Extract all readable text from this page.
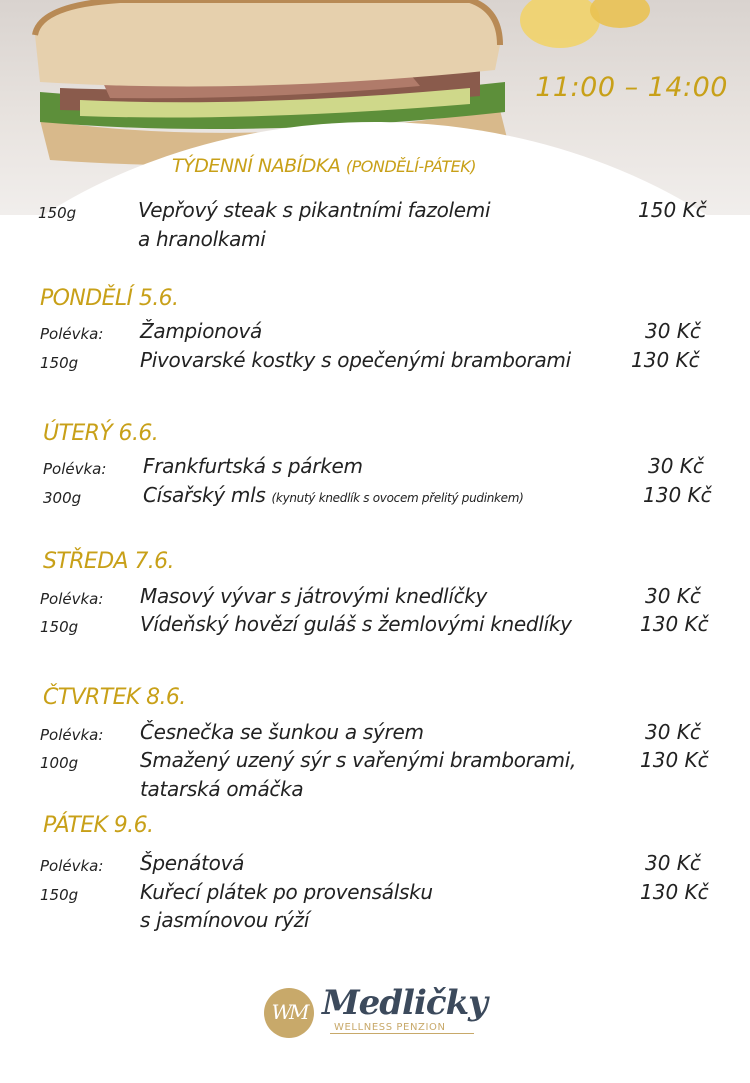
11:00 – 14:00
TÝDENNÍ NABÍDKA (PONDĚLÍ-PÁTEK)
150g	Vepřový steak s pikantními fazolemi	150 Kč
a hranolkami
PONDĚLÍ 5.6.
Polévka: Žampionová	30 Kč
150g	Pivovarské kostky s opečenými bramborami	130 Kč
ÚTERÝ 6.6.
Polévka: Frankfurtská s párkem	30 Kč
300g	Císařský mls (kynutý knedlík s ovocem přelitý pudinkem)	130 Kč
STŘEDA 7.6.
Polévka: Masový vývar s játrovými knedlíčky	30 Kč
150g	Vídeňský hovězí guláš s žemlovými knedlíky	130 Kč
ČTVRTEK 8.6.
Polévka: Česnečka se šunkou a sýrem	30 Kč
100g	Smažený uzený sýr s vařenými bramborami,	130 Kč
tatarská omáčka
PÁTEK 9.6.
Polévka: Špenátová	30 Kč
150g	Kuřecí plátek po provensálsku	130 Kč
s jasmínovou rýží
WM Medličky
WELLNESS PENZION
